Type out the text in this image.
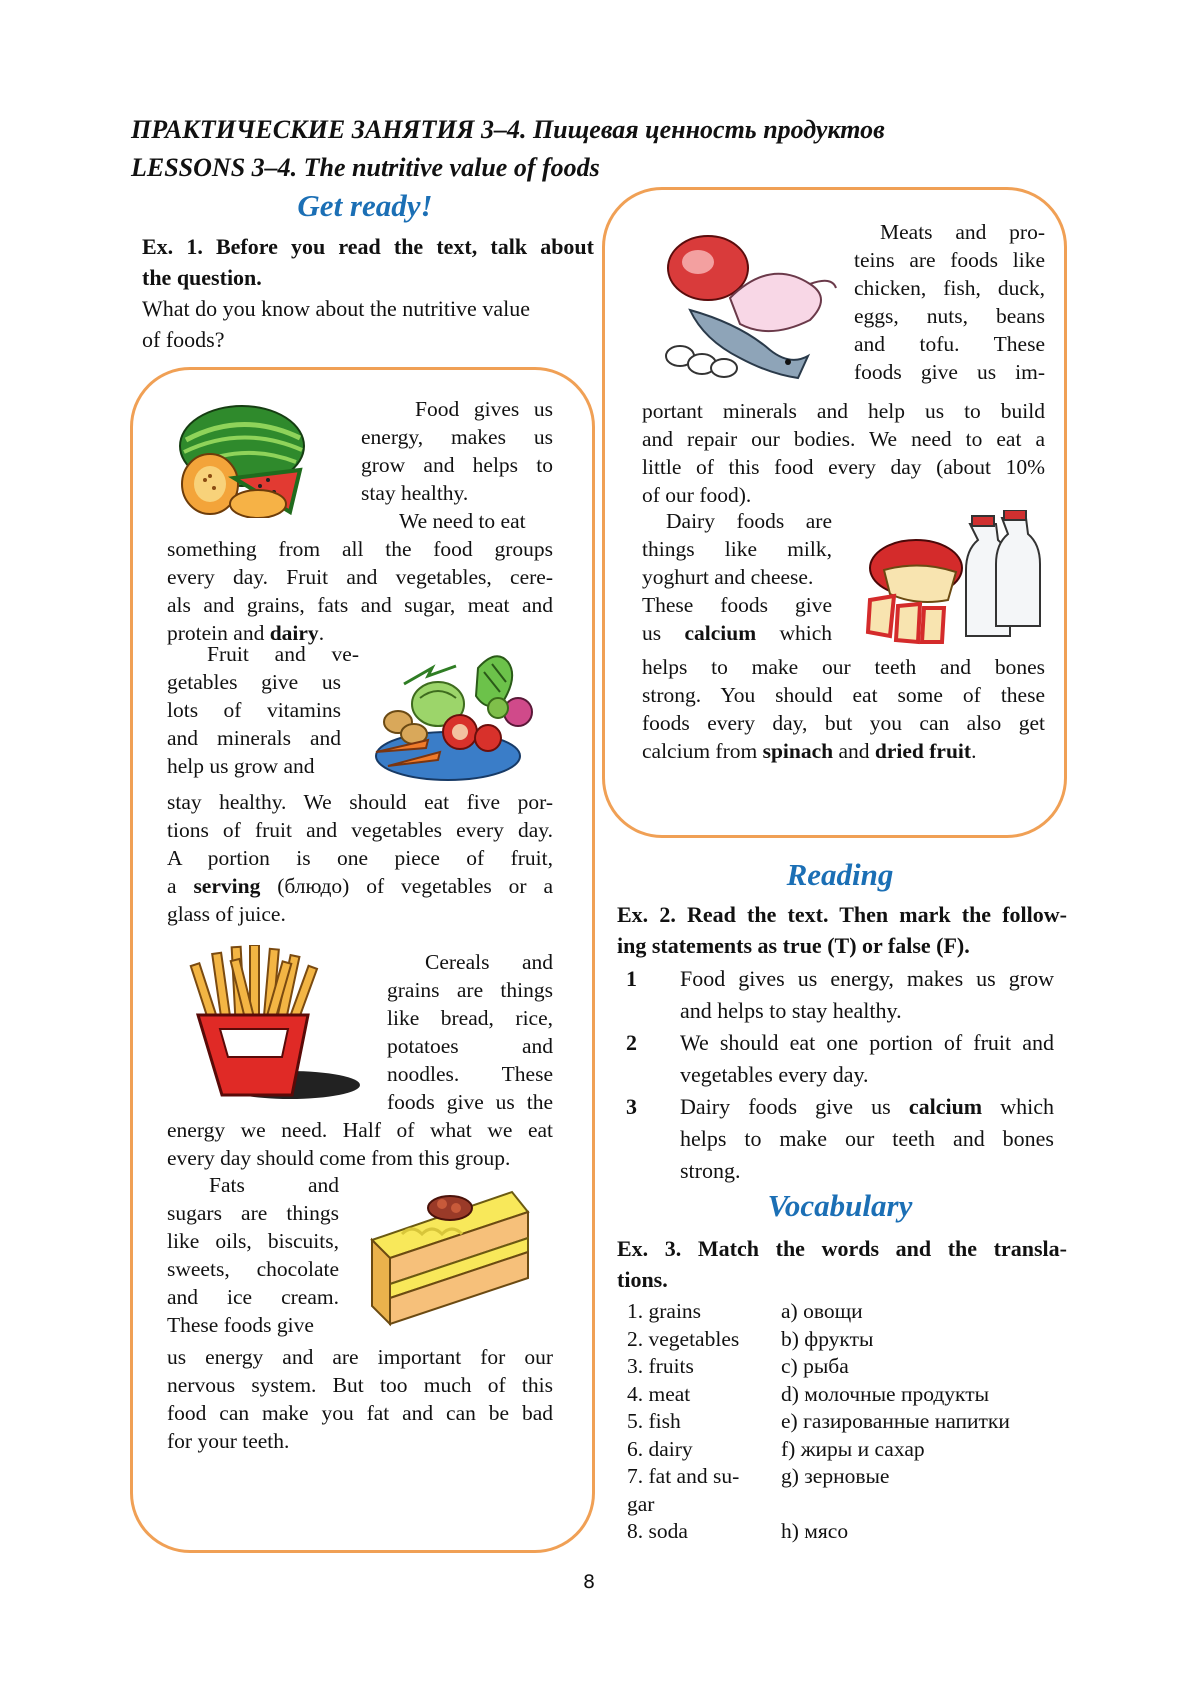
ПРАКТИЧЕСКИЕ ЗАНЯТИЯ 3–4. Пищевая ценность продуктов
LESSONS 3–4. The nutritive value of foods
Get ready!
Ex. 1. Before you read the text, talk about
the question.
What do you know about the nutritive value
of foods?
Food gives us
energy, makes us
grow and helps to
stay healthy.
We need to eat
something from all the food groups
every day. Fruit and vegetables, cere-
als and grains, fats and sugar, meat and
protein and dairy.
Fruit and ve-
getables give us
lots of vitamins
and minerals and
help us grow and
stay healthy. We should eat five por-
tions of fruit and vegetables every day.
A portion is one piece of fruit,
a serving (блюдо) of vegetables or a
glass of juice.
Cereals and
grains are things
like bread, rice,
potatoes and
noodles. These
foods give us the
energy we need. Half of what we eat
every day should come from this group.
Fats and
sugars are things
like oils, biscuits,
sweets, chocolate
and ice cream.
These foods give
us energy and are important for our
nervous system. But too much of this
food can make you fat and can be bad
for your teeth.
Meats and pro-
teins are foods like
chicken, fish, duck,
eggs, nuts, beans
and tofu. These
foods give us im-
portant minerals and help us to build
and repair our bodies. We need to eat a
little of this food every day (about 10%
of our food).
Dairy foods are
things like milk,
yoghurt and cheese.
These foods give
us calcium which
helps to make our teeth and bones
strong. You should eat some of these
foods every day, but you can also get
calcium from spinach and dried fruit.
Reading
Ex. 2. Read the text. Then mark the follow-
ing statements as true (T) or false (F).
1 Food gives us energy, makes us grow
and helps to stay healthy.
2 We should eat one portion of fruit and
vegetables every day.
3 Dairy foods give us calcium which
helps to make our teeth and bones
strong.
Vocabulary
Ex. 3. Match the words and the transla-
tions.
1. grains
2. vegetables
3. fruits
4. meat
5. fish
6. dairy
7. fat and su-
gar
8. soda
a) овощи
b) фрукты
c) рыба
d) молочные продукты
e) газированные напитки
f) жиры и сахар
g) зерновые
h) мясо
8
